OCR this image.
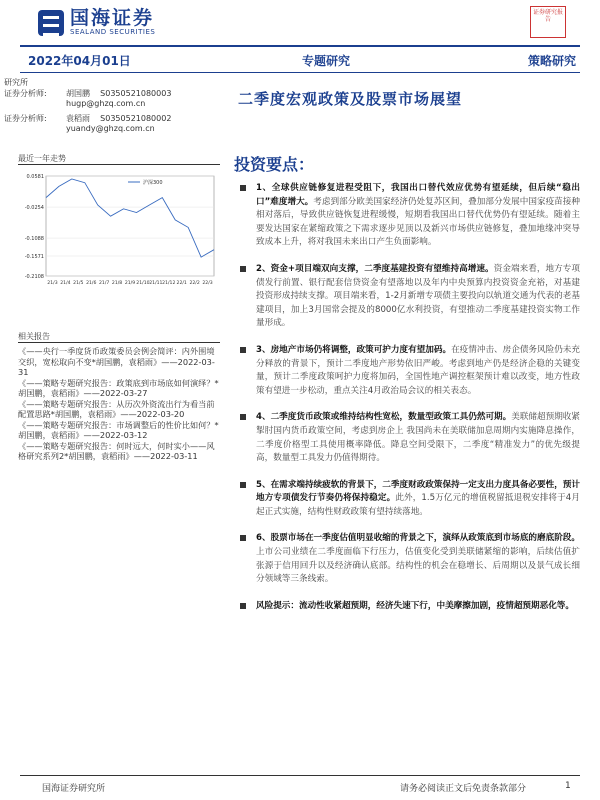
国海证券
SEALAND SECURITIES
证券研究报告
2022年04月01日	专题研究	策略研究
研究所
证券分析师: 胡国鹏 S0350521080003
hugp@ghzq.com.cn
证券分析师: 袁稻雨 S0350521080002
yuandy@ghzq.com.cn
二季度宏观政策及股票市场展望
最近一年走势
0.0581
-0.0254
-0.1088
-0.1571
-0.2108
21/3 21/4 21/5 21/6 21/7 21/8 21/9 21/10 21/11 21/12 22/1 22/2 22/3
沪深300
相关报告
《——央行一季度货币政策委员会例会简评：内外围境交织，宽松取向不变*胡国鹏，袁稻雨》——2022-03-31
《——策略专题研究报告：政策底到市场底如何演绎？*胡国鹏，袁稻雨》——2022-03-27
《——策略专题研究报告：从历次外资流出行为看当前配置思路*胡国鹏，袁稻雨》——2022-03-20
《——策略专题研究报告：市场调整后的性价比如何？*胡国鹏，袁稻雨》——2022-03-12
《——策略专题研究报告：何时远大，何时实小——风格研究系列2*胡国鹏，袁稻雨》——2022-03-11
投资要点：
1、全球供应链修复进程受阻下，我国出口替代效应优势有望延续，但后续“稳出口”难度增大。考虑到部分欧美国家经济仍处复苏区间，叠加部分发展中国家疫苗接种相对落后，导致供应链恢复进程缓慢，短期看我国出口替代优势仍有望延续。随着主要发达国家在紧缩政策之下需求逐步见顶以及新兴市场供应链修复，叠加地缘冲突导致成本上升，将对我国未来出口产生负面影响。
2、资金+项目端双向支撑，二季度基建投资有望维持高增速。资金端来看，地方专项债发行前置、银行配套信贷资金有望落地以及年内中央预算内投资资金充裕，对基建投资形成持续支撑。项目端来看，1-2月新增专项债主要投向以轨道交通为代表的老基建项目，加上3月国常会提及的8000亿水利投资，有望推动二季度基建投资实物工作量形成。
3、房地产市场仍将调整，政策可护力度有望加码。在疫情冲击、房企债务风险仍未充分释放的背景下，预计二季度地产形势依旧严峻。考虑到地产仍是经济企稳的关键变量，预计二季度政策呵护力度将加码，全国性地产调控框架预计难以改变，地方性政策有望进一步松动，重点关注4月政治局会议的相关表态。
4、二季度货币政策或维持结构性宽松，数量型政策工具仍然可期。美联储超预期收紧掣肘国内货币政策空间，考虑到房企上 我国尚未在美联储加息周期内实施降息操作，二季度价格型工具使用概率降低。降息空间受限下，二季度“精准发力”的优先级提高，数量型工具发力仍值得期待。
5、在需求端持续疲软的背景下，二季度财政政策保持一定支出力度具备必要性，预计地方专项债发行节奏仍将保持稳定。此外，1.5万亿元的增值税留抵退税安排将于4月起正式实施，结构性财政政策有望持续落地。
6、股票市场在一季度估值明显收缩的背景之下，演绎从政策底到市场底的磨底阶段。上市公司业绩在二季度面临下行压力，估值变化受到美联储紧缩的影响，后续估值扩张源于信用回升以及经济确认底部。结构性的机会在稳增长、后周期以及景气成长细分领域等三条线索。
风险提示：流动性收紧超预期，经济失速下行，中美摩擦加剧，疫情超预期恶化等。
国海证券研究所	请务必阅读正文后免责条款部分	1
